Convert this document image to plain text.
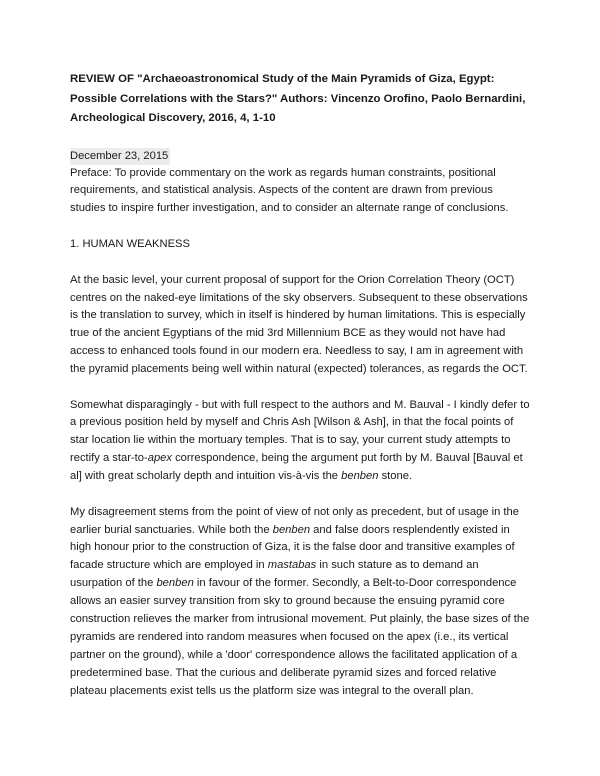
REVIEW OF "Archaeoastronomical Study of the Main Pyramids of Giza, Egypt: Possible Correlations with the Stars?" Authors: Vincenzo Orofino, Paolo Bernardini, Archeological Discovery, 2016, 4, 1-10

December 23, 2015

Preface: To provide commentary on the work as regards human constraints, positional requirements, and statistical analysis. Aspects of the content are drawn from previous studies to inspire further investigation, and to consider an alternate range of conclusions.

1. HUMAN WEAKNESS

At the basic level, your current proposal of support for the Orion Correlation Theory (OCT) centres on the naked-eye limitations of the sky observers. Subsequent to these observations is the translation to survey, which in itself is hindered by human limitations. This is especially true of the ancient Egyptians of the mid 3rd Millennium BCE as they would not have had access to enhanced tools found in our modern era. Needless to say, I am in agreement with the pyramid placements being well within natural (expected) tolerances, as regards the OCT.

Somewhat disparagingly - but with full respect to the authors and M. Bauval - I kindly defer to a previous position held by myself and Chris Ash [Wilson & Ash], in that the focal points of star location lie within the mortuary temples. That is to say, your current study attempts to rectify a star-to-apex correspondence, being the argument put forth by M. Bauval [Bauval et al] with great scholarly depth and intuition vis-à-vis the benben stone.

My disagreement stems from the point of view of not only as precedent, but of usage in the earlier burial sanctuaries. While both the benben and false doors resplendently existed in high honour prior to the construction of Giza, it is the false door and transitive examples of facade structure which are employed in mastabas in such stature as to demand an usurpation of the benben in favour of the former. Secondly, a Belt-to-Door correspondence allows an easier survey transition from sky to ground because the ensuing pyramid core construction relieves the marker from intrusional movement. Put plainly, the base sizes of the pyramids are rendered into random measures when focused on the apex (i.e., its vertical partner on the ground), while a 'door' correspondence allows the facilitated application of a predetermined base. That the curious and deliberate pyramid sizes and forced relative plateau placements exist tells us the platform size was integral to the overall plan.
